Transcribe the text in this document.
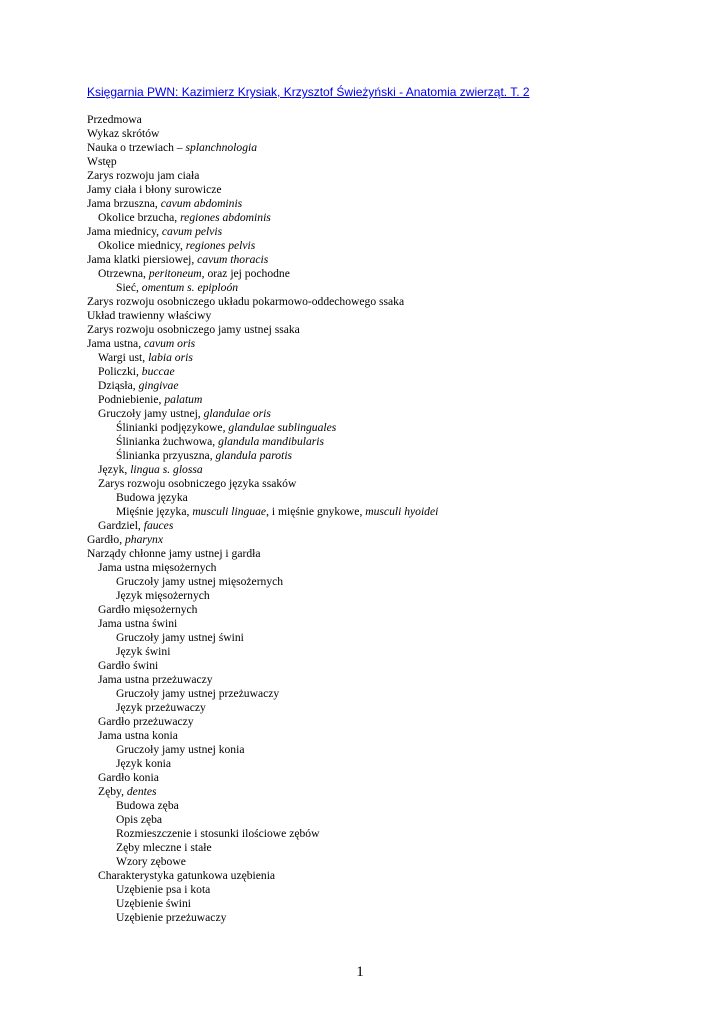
Księgarnia PWN: Kazimierz Krysiak, Krzysztof Świeżyński - Anatomia zwierząt. T. 2
Przedmowa
Wykaz skrótów
Nauka o trzewiach – splanchnologia
Wstęp
Zarys rozwoju jam ciała
Jamy ciała i błony surowicze
Jama brzuszna, cavum abdominis
Okolice brzucha, regiones abdominis
Jama miednicy, cavum pelvis
Okolice miednicy, regiones pelvis
Jama klatki piersiowej, cavum thoracis
Otrzewna, peritoneum, oraz jej pochodne
Sieć, omentum s. epiploón
Zarys rozwoju osobniczego układu pokarmowo-oddechowego ssaka
Układ trawienny właściwy
Zarys rozwoju osobniczego jamy ustnej ssaka
Jama ustna, cavum oris
Wargi ust, labia oris
Policzki, buccae
Dziąsła, gingivae
Podniebienie, palatum
Gruczoły jamy ustnej, glandulae oris
Ślinianki podjęzykowe, glandulae sublinguales
Ślinianka żuchwowa, glandula mandibularis
Ślinianka przyuszna, glandula parotis
Język, lingua s. glossa
Zarys rozwoju osobniczego języka ssaków
Budowa języka
Mięśnie języka, musculi linguae, i mięśnie gnykowe, musculi hyoidei
Gardziel, fauces
Gardło, pharynx
Narządy chłonne jamy ustnej i gardła
Jama ustna mięsożernych
Gruczoły jamy ustnej mięsożernych
Język mięsożernych
Gardło mięsożernych
Jama ustna świni
Gruczoły jamy ustnej świni
Język świni
Gardło świni
Jama ustna przeżuwaczy
Gruczoły jamy ustnej przeżuwaczy
Język przeżuwaczy
Gardło przeżuwaczy
Jama ustna konia
Gruczoły jamy ustnej konia
Język konia
Gardło konia
Zęby, dentes
Budowa zęba
Opis zęba
Rozmieszczenie i stosunki ilościowe zębów
Zęby mleczne i stałe
Wzory zębowe
Charakterystyka gatunkowa uzębienia
Uzębienie psa i kota
Uzębienie świni
Uzębienie przeżuwaczy
1
